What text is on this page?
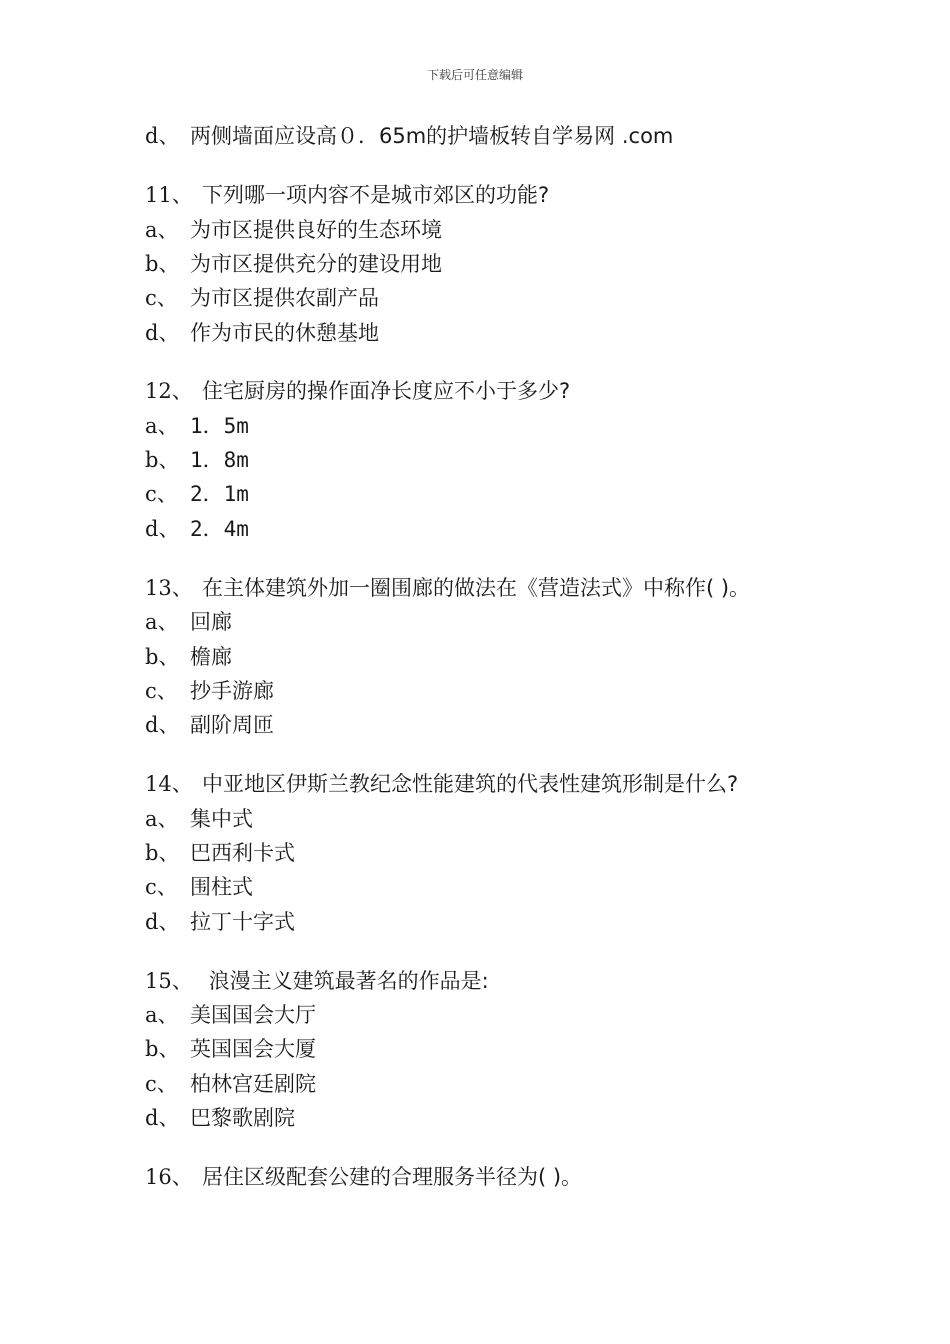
下载后可任意编辑
d、 两侧墙面应设高０．65m的护墙板转自学易网 .com
11、 下列哪一项内容不是城市郊区的功能?
a、 为市区提供良好的生态环境
b、 为市区提供充分的建设用地
c、 为市区提供农副产品
d、 作为市民的休憩基地
12、 住宅厨房的操作面净长度应不小于多少?
a、 1．5m
b、 1．8m
c、 2．1m
d、 2．4m
13、 在主体建筑外加一圈围廊的做法在《营造法式》中称作( )。
a、 回廊
b、 檐廊
c、 抄手游廊
d、 副阶周匝
14、 中亚地区伊斯兰教纪念性能建筑的代表性建筑形制是什么?
a、 集中式
b、 巴西利卡式
c、 围柱式
d、 拉丁十字式
15、 浪漫主义建筑最著名的作品是:
a、 美国国会大厅
b、 英国国会大厦
c、 柏林宫廷剧院
d、 巴黎歌剧院
16、 居住区级配套公建的合理服务半径为( )。
